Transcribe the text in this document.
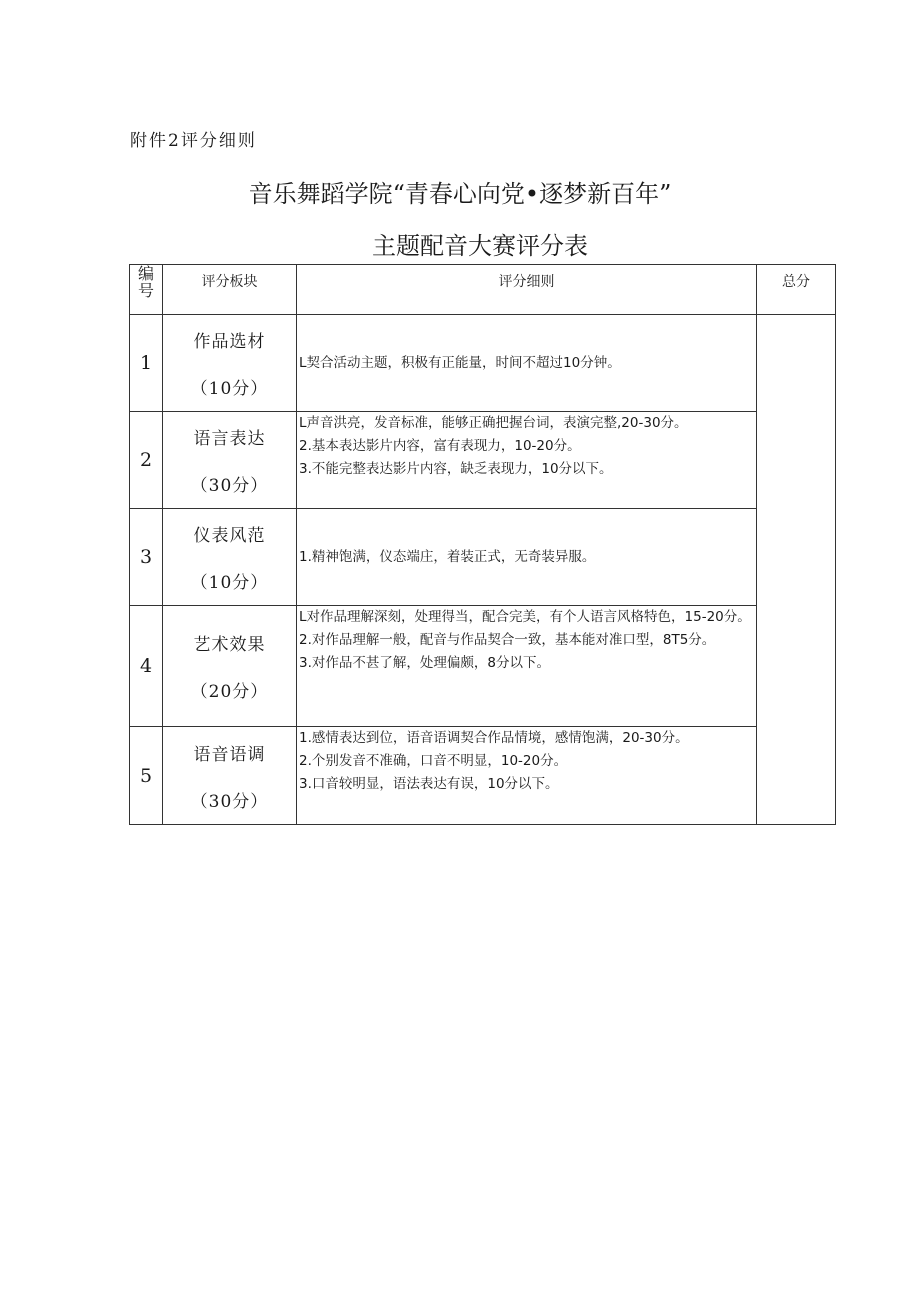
附件2评分细则
音乐舞蹈学院“青春心向党•逐梦新百年”
主题配音大赛评分表
编
号	评分板块	评分细则	总分
1	作品选材
（10分）	L契合活动主题，积极有正能量，时间不超过10分钟。	

2	语言表达
（30分）	L声音洪亮，发音标准，能够正确把握台词，表演完整,20-30分。
2.基本表达影片内容，富有表现力，10-20分。
3.不能完整表达影片内容，缺乏表现力，10分以下。	

3	仪表风范
（10分）	1.精神饱满，仪态端庄，着装正式，无奇装异服。	

4	艺术效果
（20分）	L对作品理解深刻，处理得当，配合完美，有个人语言风格特色，15-20分。
2.对作品理解一般，配音与作品契合一致，基本能对准口型，8T5分。
3.对作品不甚了解，处理偏颇，8分以下。	

5	语音语调
（30分）	1.感情表达到位，语音语调契合作品情境，感情饱满，20-30分。
2.个别发音不准确，口音不明显，10-20分。
3.口音较明显，语法表达有误，10分以下。	
